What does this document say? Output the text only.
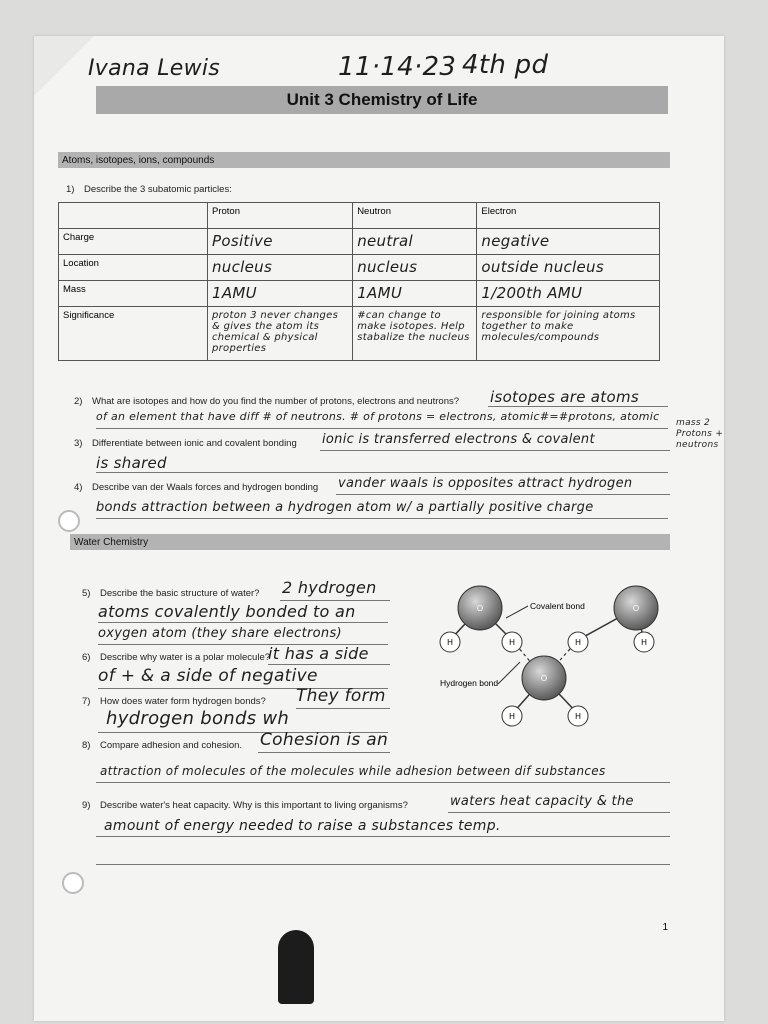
Ivana Lewis	11·14·23 4th pd
Unit 3 Chemistry of Life
Atoms, isotopes, ions, compounds
1) Describe the 3 subatomic particles:
	Proton	Neutron	Electron
Charge	Positive	neutral	negative
Location	nucleus	nucleus	outside nucleus
Mass	1AMU	1AMU	1/200th AMU
Significance	proton 3 never changes & gives the atom its chemical & physical properties	#can change to make isotopes. Help stabalize the nucleus	responsible for joining atoms together to make molecules/compounds
2) What are isotopes and how do you find the number of protons, electrons and neutrons? isotopes are atoms
of an element that have diff # of neutrons. # of protons = electrons, atomic#=#protons, atomic	mass 2 Protons + neutrons
3) Differentiate between ionic and covalent bonding ionic is transferred electrons & covalent
is shared
4) Describe van der Waals forces and hydrogen bonding vander waals is opposites attract hydrogen
bonds attraction between a hydrogen atom w/ a partially positive charge
Water Chemistry
5) Describe the basic structure of water? 2 hydrogen
atoms covalently bonded to an
oxygen atom (they share electrons)
6) Describe why water is a polar molecule?
it has a side
of + & a side of negative
7) How does water form hydrogen bonds? They form
hydrogen bonds wh
O	O
O
H	H	H	H
H	H
Covalent bond
Hydrogen bond
8) Compare adhesion and cohesion. Cohesion is an
attraction of molecules of the molecules while adhesion between dif substances
9) Describe water's heat capacity. Why is this important to living organisms?	waters heat capacity & the
amount of energy needed to raise a substances temp.
1
